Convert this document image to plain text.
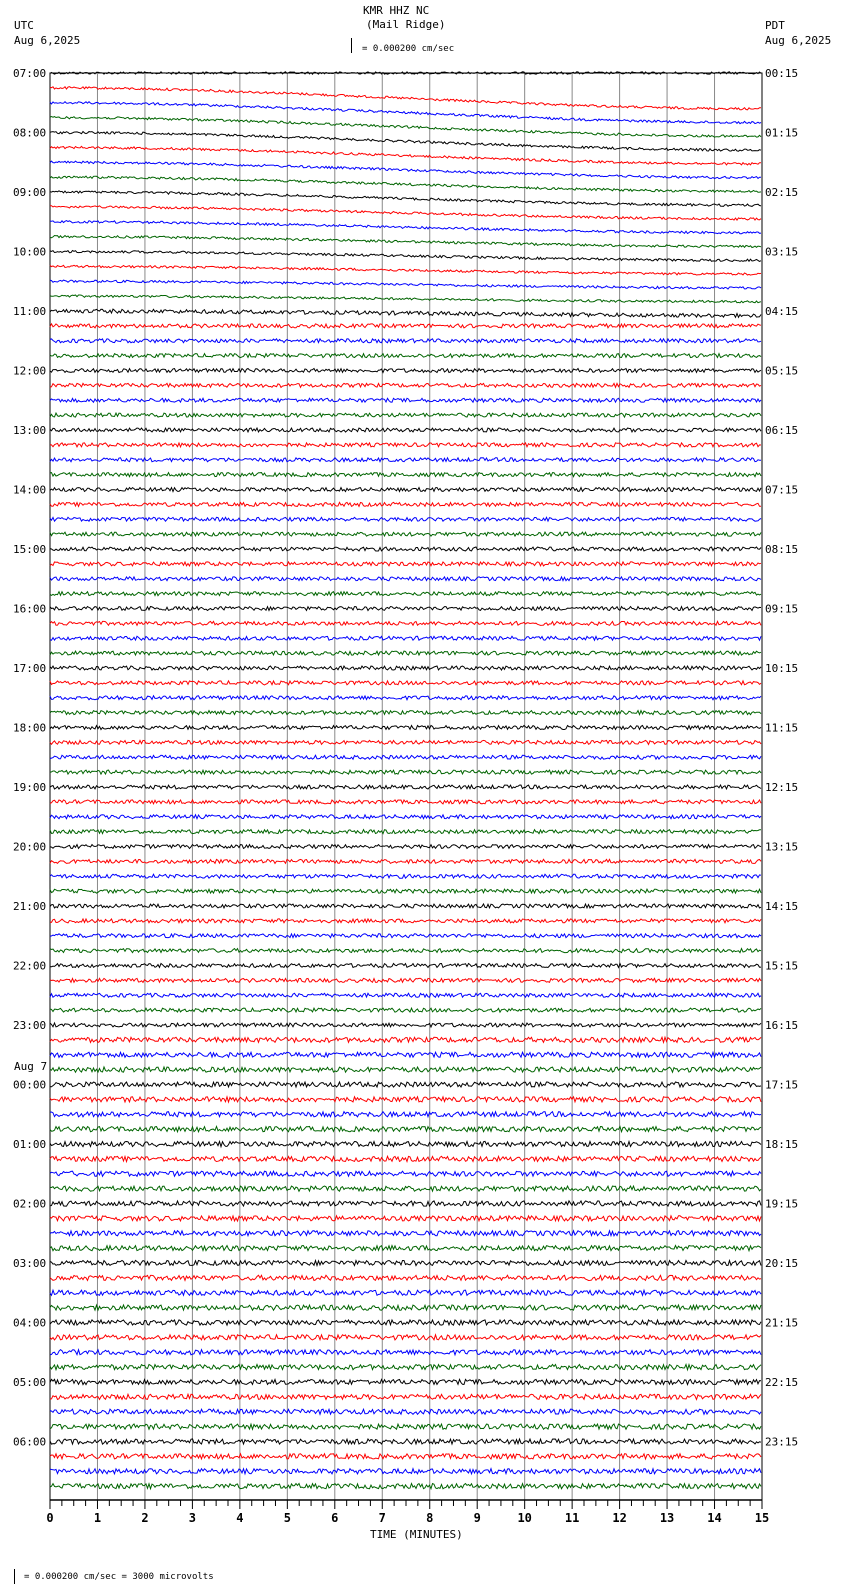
07:00	00:15
08:00	01:15
09:00	02:15
10:00	03:15
11:00	04:15
12:00	05:15
13:00	06:15
14:00	07:15
15:00	08:15
16:00	09:15
17:00	10:15
18:00	11:15
19:00	12:15
20:00	13:15
21:00	14:15
22:00	15:15
23:00	16:15
00:00	17:15
01:00	18:15
02:00	19:15
03:00	20:15
04:00	21:15
05:00	22:15
06:00	23:15
0	1	2	3	4	5	6	7	8	9	10	11	12	13	14	15
KMR HHZ NC
(Mail Ridge)
UTC
Aug 6,2025
PDT
Aug 6,2025
= 0.000200 cm/sec
TIME (MINUTES)
= 0.000200 cm/sec = 3000 microvolts
Aug 7
